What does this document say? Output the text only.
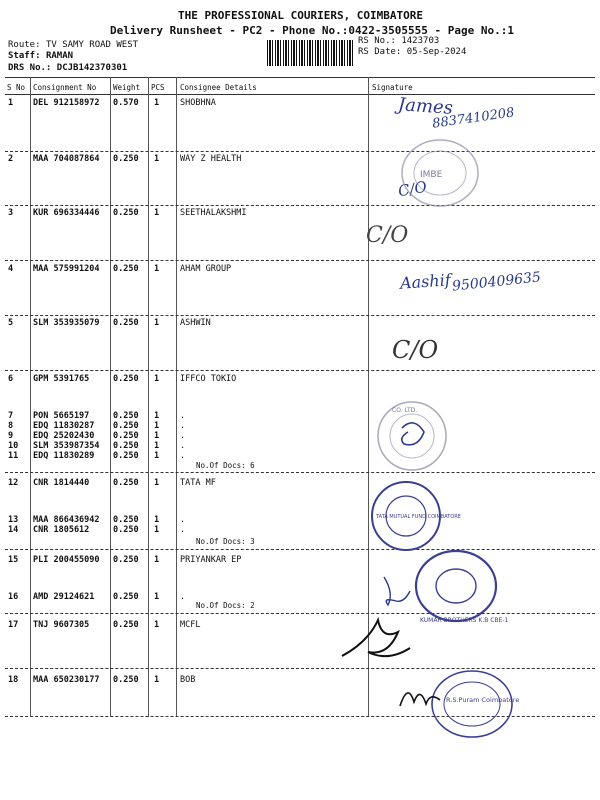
THE PROFESSIONAL COURIERS, COIMBATORE
Delivery Runsheet - PC2 - Phone No.:0422-3505555 - Page No.:1
Route: TV SAMY ROAD WEST
Staff: RAMAN
DRS No.: DCJB142370301
RS No.: 1423703
RS Date: 05-Sep-2024
S No Consignment No Weight PCS Consignee Details	Signature
1 DEL 912158972 0.570 1 SHOBHNA
2 MAA 704087864 0.250 1 WAY Z HEALTH
3 KUR 696334446 0.250 1 SEETHALAKSHMI
4 MAA 575991204 0.250 1 AHAM GROUP
5 SLM 353935079 0.250 1 ASHWIN
6 GPM 5391765	0.250 1 IFFCO TOKIO
7 PON 5665197	0.250 1 .
8 EDQ 11830287 0.250 1 .
9 EDQ 25202430 0.250 1 .
10 SLM 353987354 0.250 1 .
11 EDQ 11830289 0.250 1 .
12 CNR 1814440	0.250 1 TATA MF
13 MAA 866436942 0.250 1 .
14 CNR 1805612	0.250 1 .
15 PLI 200455090 0.250 1 PRIYANKAR EP
16 AMD 29124621 0.250 1 .
17 TNJ 9607305	0.250 1 MCFL
18 MAA 650230177 0.250 1 BOB
No.Of Docs: 6
No.Of Docs: 3
No.Of Docs: 2
James
8837410208
C/O
C/O
Aashif 9500409635
C/O
IMBE
CO. LTD.
TATA MUTUAL FUND COIMBATORE
KUMAR BROTHERS K.B CBE-1
R.S.Puram Coimbatore
